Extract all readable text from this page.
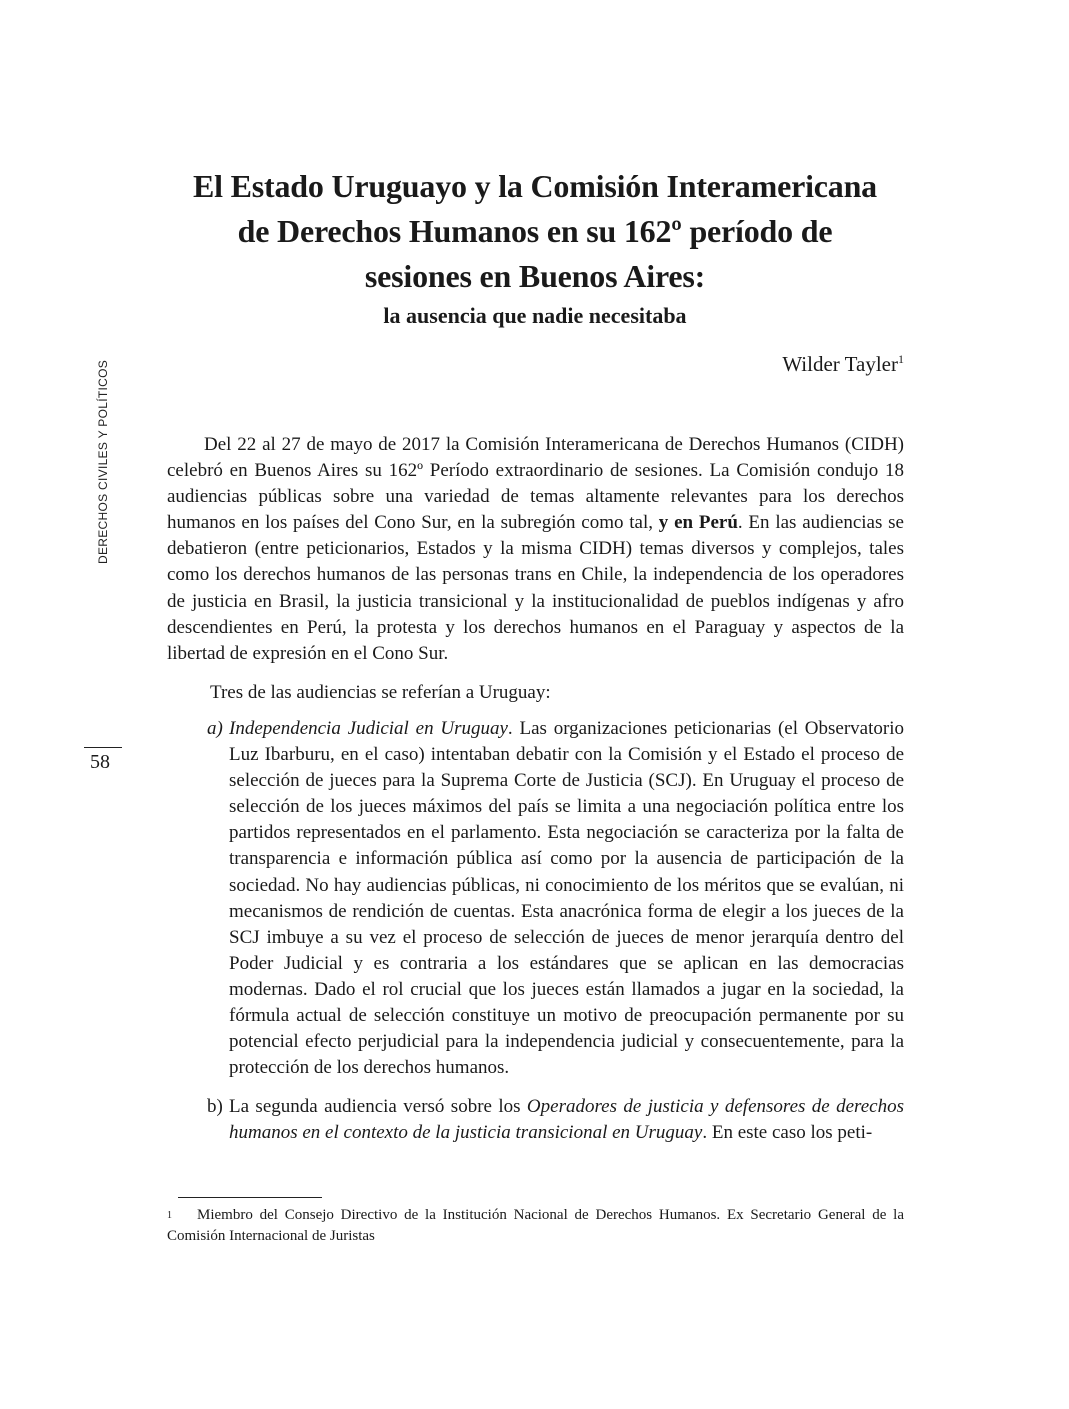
El Estado Uruguayo y la Comisión Interamericana
de Derechos Humanos en su 162º período de
sesiones en Buenos Aires:
la ausencia que nadie necesitaba
Wilder Tayler$^1$
DERECHOS CIVILES Y POLÍTICOS
58

Del 22 al 27 de mayo de 2017 la Comisión Interamericana de Derechos Humanos (CIDH) celebró en Buenos Aires su 162º Período extraordinario de sesiones. La Comisión condujo 18 audiencias públicas sobre una variedad de temas altamente relevantes para los derechos humanos en los países del Cono Sur, en la subregión como tal, y en Perú. En las audiencias se debatieron (entre peticionarios, Estados y la misma CIDH) temas diversos y complejos, tales como los derechos humanos de las personas trans en Chile, la independencia de los operadores de justicia en Brasil, la justicia transicional y la institucionalidad de pueblos indígenas y afro descendientes en Perú, la protesta y los derechos humanos en el Paraguay y aspectos de la libertad de expresión en el Cono Sur.

Tres de las audiencias se referían a Uruguay:

a) Independencia Judicial en Uruguay. Las organizaciones peticionarias (el Observatorio Luz Ibarburu, en el caso) intentaban debatir con la Comisión y el Estado el proceso de selección de jueces para la Suprema Corte de Justicia (SCJ). En Uruguay el proceso de selección de los jueces máximos del país se limita a una negociación política entre los partidos representados en el parlamento. Esta negociación se caracteriza por la falta de transparencia e información pública así como por la ausencia de participación de la sociedad. No hay audiencias públicas, ni conocimiento de los méritos que se evalúan, ni mecanismos de rendición de cuentas. Esta anacrónica forma de elegir a los jueces de la SCJ imbuye a su vez el proceso de selección de jueces de menor jerarquía dentro del Poder Judicial y es contraria a los estándares que se aplican en las democracias modernas. Dado el rol crucial que los jueces están llamados a jugar en la sociedad, la fórmula actual de selección constituye un motivo de preocupación permanente por su potencial efecto perjudicial para la independencia judicial y consecuentemente, para la protección de los derechos humanos.
b) La segunda audiencia versó sobre los Operadores de justicia y defensores de derechos humanos en el contexto de la justicia transicional en Uruguay. En este caso los peti-
1 Miembro del Consejo Directivo de la Institución Nacional de Derechos Humanos. Ex Secretario General de la Comisión Internacional de Juristas
